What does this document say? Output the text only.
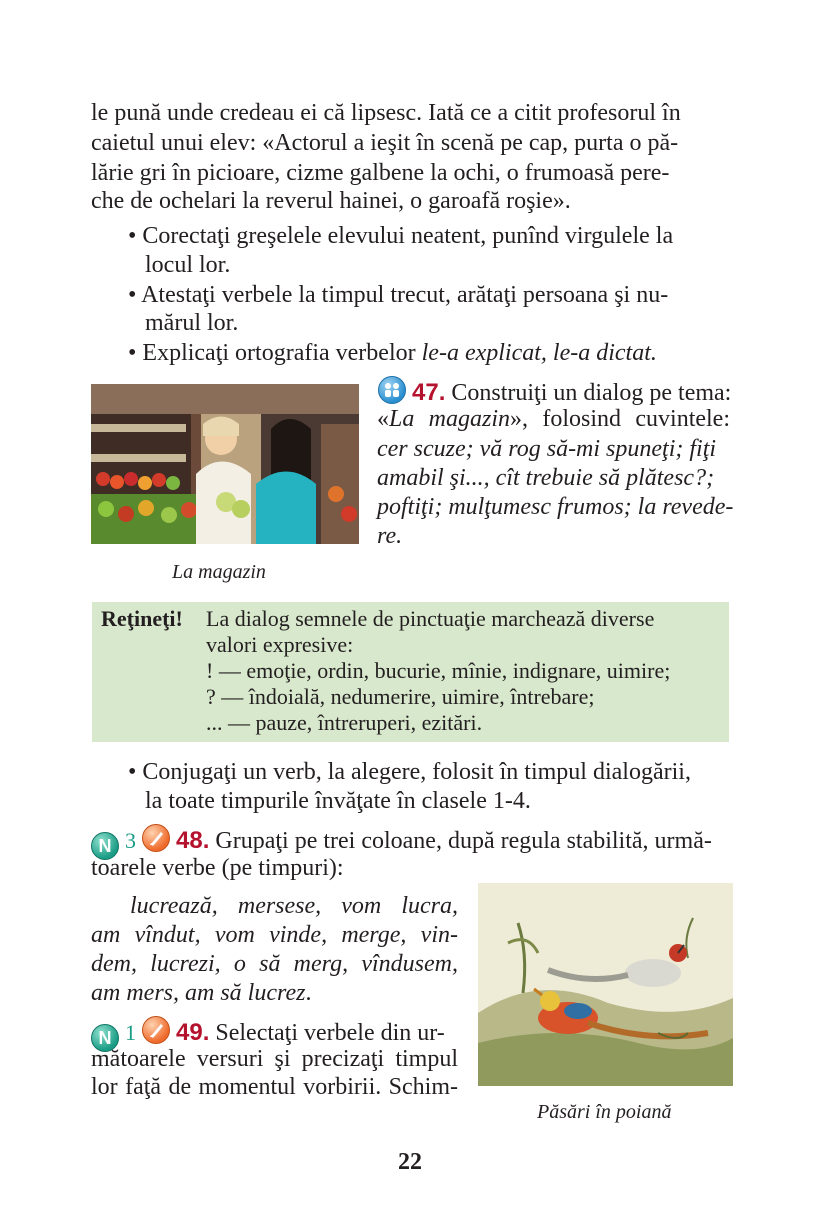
le pună unde credeau ei că lipsesc. Iată ce a citit profesorul în
caietul unui elev: «Actorul a ieşit în scenă pe cap, purta o pă-
lărie gri în picioare, cizme galbene la ochi, o frumoasă pere-
che de ochelari la reverul hainei, o garoafă roşie».
• Corectaţi greşelele elevului neatent, punînd virgulele la
locul lor.
• Atestaţi verbele la timpul trecut, arătaţi persoana şi nu-
mărul lor.
• Explicaţi ortografia verbelor le-a explicat, le-a dictat.
La magazin
47. Construiţi un dialog pe tema:
«La magazin», folosind cuvintele:
cer scuze; vă rog să-mi spuneţi; fiţi
amabil şi..., cît trebuie să plătesc?;
poftiţi; mulţumesc frumos; la revede-
re.
Reţineţi! La dialog semnele de pinctuaţie marchează diverse
valori expresive:
! — emoţie, ordin, bucurie, mînie, indignare, uimire;
? — îndoială, nedumerire, uimire, întrebare;
... — pauze, întreruperi, ezitări.
• Conjugaţi un verb, la alegere, folosit în timpul dialogării,
la toate timpurile învăţate în clasele 1-4.
N 3 48. Grupaţi pe trei coloane, după regula stabilită, urmă-
toarele verbe (pe timpuri):
lucrează, mersese, vom lucra,
am vîndut, vom vinde, merge, vin-
dem, lucrezi, o să merg, vîndusem,
am mers, am să lucrez.
N 1 49. Selectaţi verbele din ur-
mătoarele versuri şi precizaţi timpul
lor faţă de momentul vorbirii. Schim-
Păsări în poiană
22
